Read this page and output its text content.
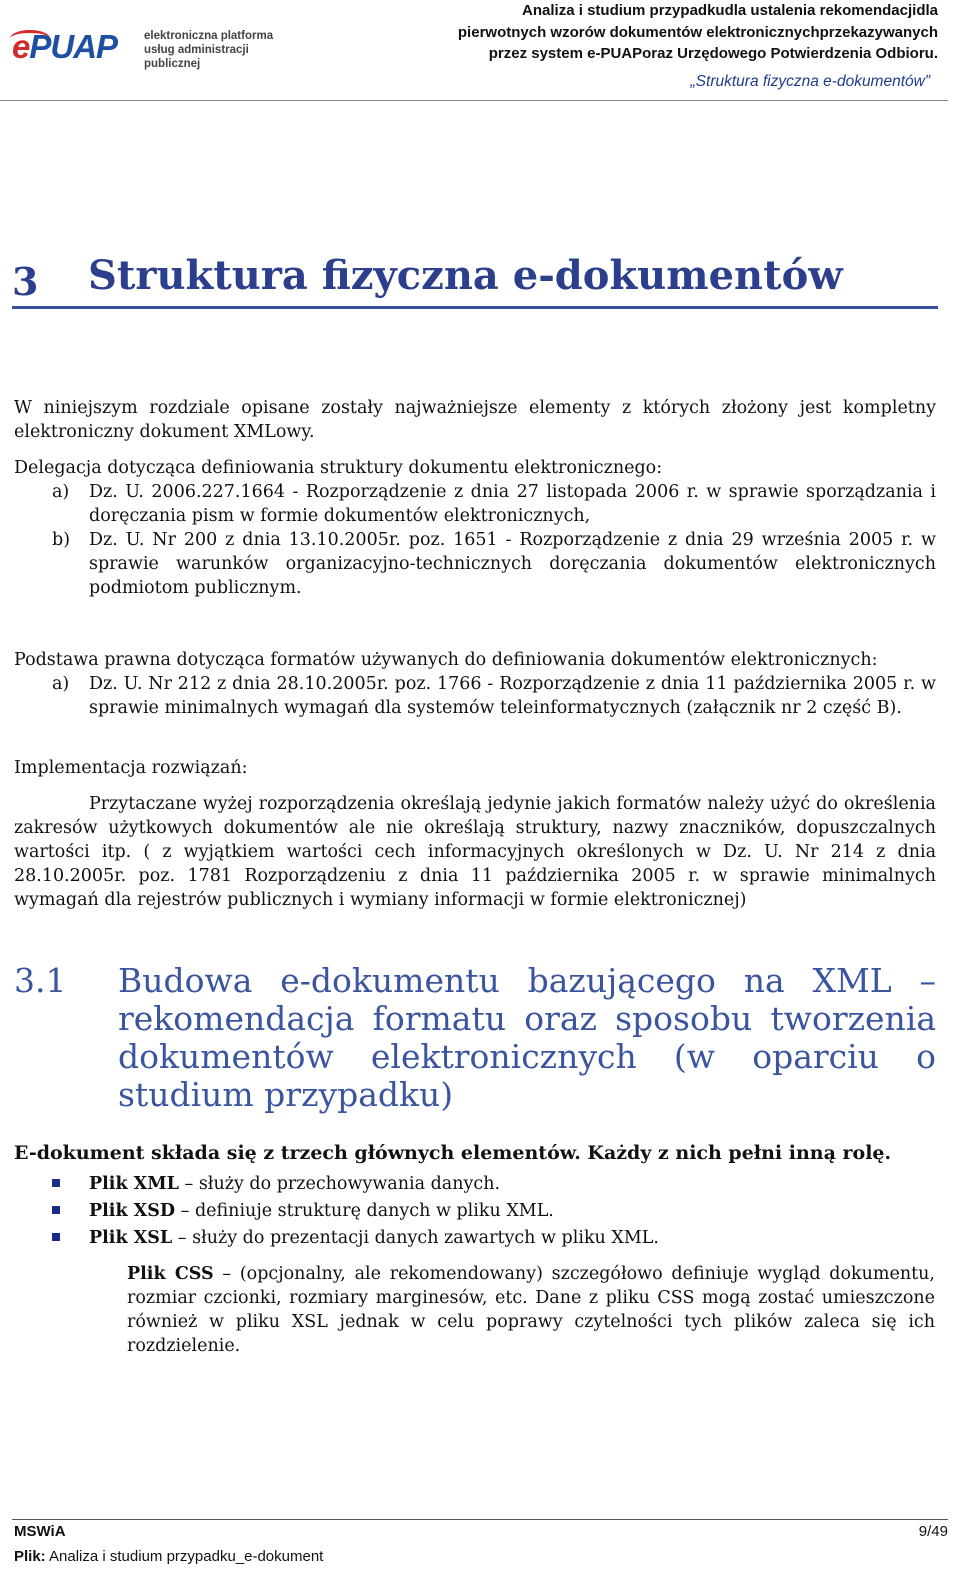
ePUAP elektroniczna platforma
usług administracji publicznej
Analiza i studium przypadkudla ustalenia rekomendacjidla
pierwotnych wzorów dokumentów elektronicznychprzekazywanych
przez system e-PUAPoraz Urzędowego Potwierdzenia Odbioru.
„Struktura fizyczna e-dokumentów”
3 Struktura fizyczna e-dokumentów
W niniejszym rozdziale opisane zostały najważniejsze elementy z których złożony jest kompletny elektroniczny dokument XMLowy.
Delegacja dotycząca definiowania struktury dokumentu elektronicznego:
a)	Dz. U. 2006.227.1664 - Rozporządzenie z dnia 27 listopada 2006 r. w sprawie sporządzania i doręczania pism w formie dokumentów elektronicznych,
b)	Dz. U. Nr 200 z dnia 13.10.2005r. poz. 1651 - Rozporządzenie z dnia 29 września 2005 r. w sprawie warunków organizacyjno-technicznych doręczania dokumentów elektronicznych podmiotom publicznym.
Podstawa prawna dotycząca formatów używanych do definiowania dokumentów elektronicznych:
a)	Dz. U. Nr 212 z dnia 28.10.2005r. poz. 1766 - Rozporządzenie z dnia 11 października 2005 r. w sprawie minimalnych wymagań dla systemów teleinformatycznych (załącznik nr 2 część B).
Implementacja rozwiązań:
Przytaczane wyżej rozporządzenia określają jedynie jakich formatów należy użyć do określenia zakresów użytkowych dokumentów ale nie określają struktury, nazwy znaczników, dopuszczalnych wartości itp. ( z wyjątkiem wartości cech informacyjnych określonych w Dz. U. Nr 214 z dnia 28.10.2005r. poz. 1781 Rozporządzeniu z dnia 11 października 2005 r. w sprawie minimalnych wymagań dla rejestrów publicznych i wymiany informacji w formie elektronicznej)
3.1 Budowa e-dokumentu bazującego na XML – rekomendacja formatu oraz sposobu tworzenia dokumentów elektronicznych (w oparciu o studium przypadku)
E-dokument składa się z trzech głównych elementów. Każdy z nich pełni inną rolę.
Plik XML – służy do przechowywania danych.
Plik XSD – definiuje strukturę danych w pliku XML.
Plik XSL – służy do prezentacji danych zawartych w pliku XML.
Plik CSS – (opcjonalny, ale rekomendowany) szczegółowo definiuje wygląd dokumentu, rozmiar czcionki, rozmiary marginesów, etc. Dane z pliku CSS mogą zostać umieszczone również w pliku XSL jednak w celu poprawy czytelności tych plików zaleca się ich rozdzielenie.
MSWiA	9/49
Plik: Analiza i studium przypadku_e-dokument
